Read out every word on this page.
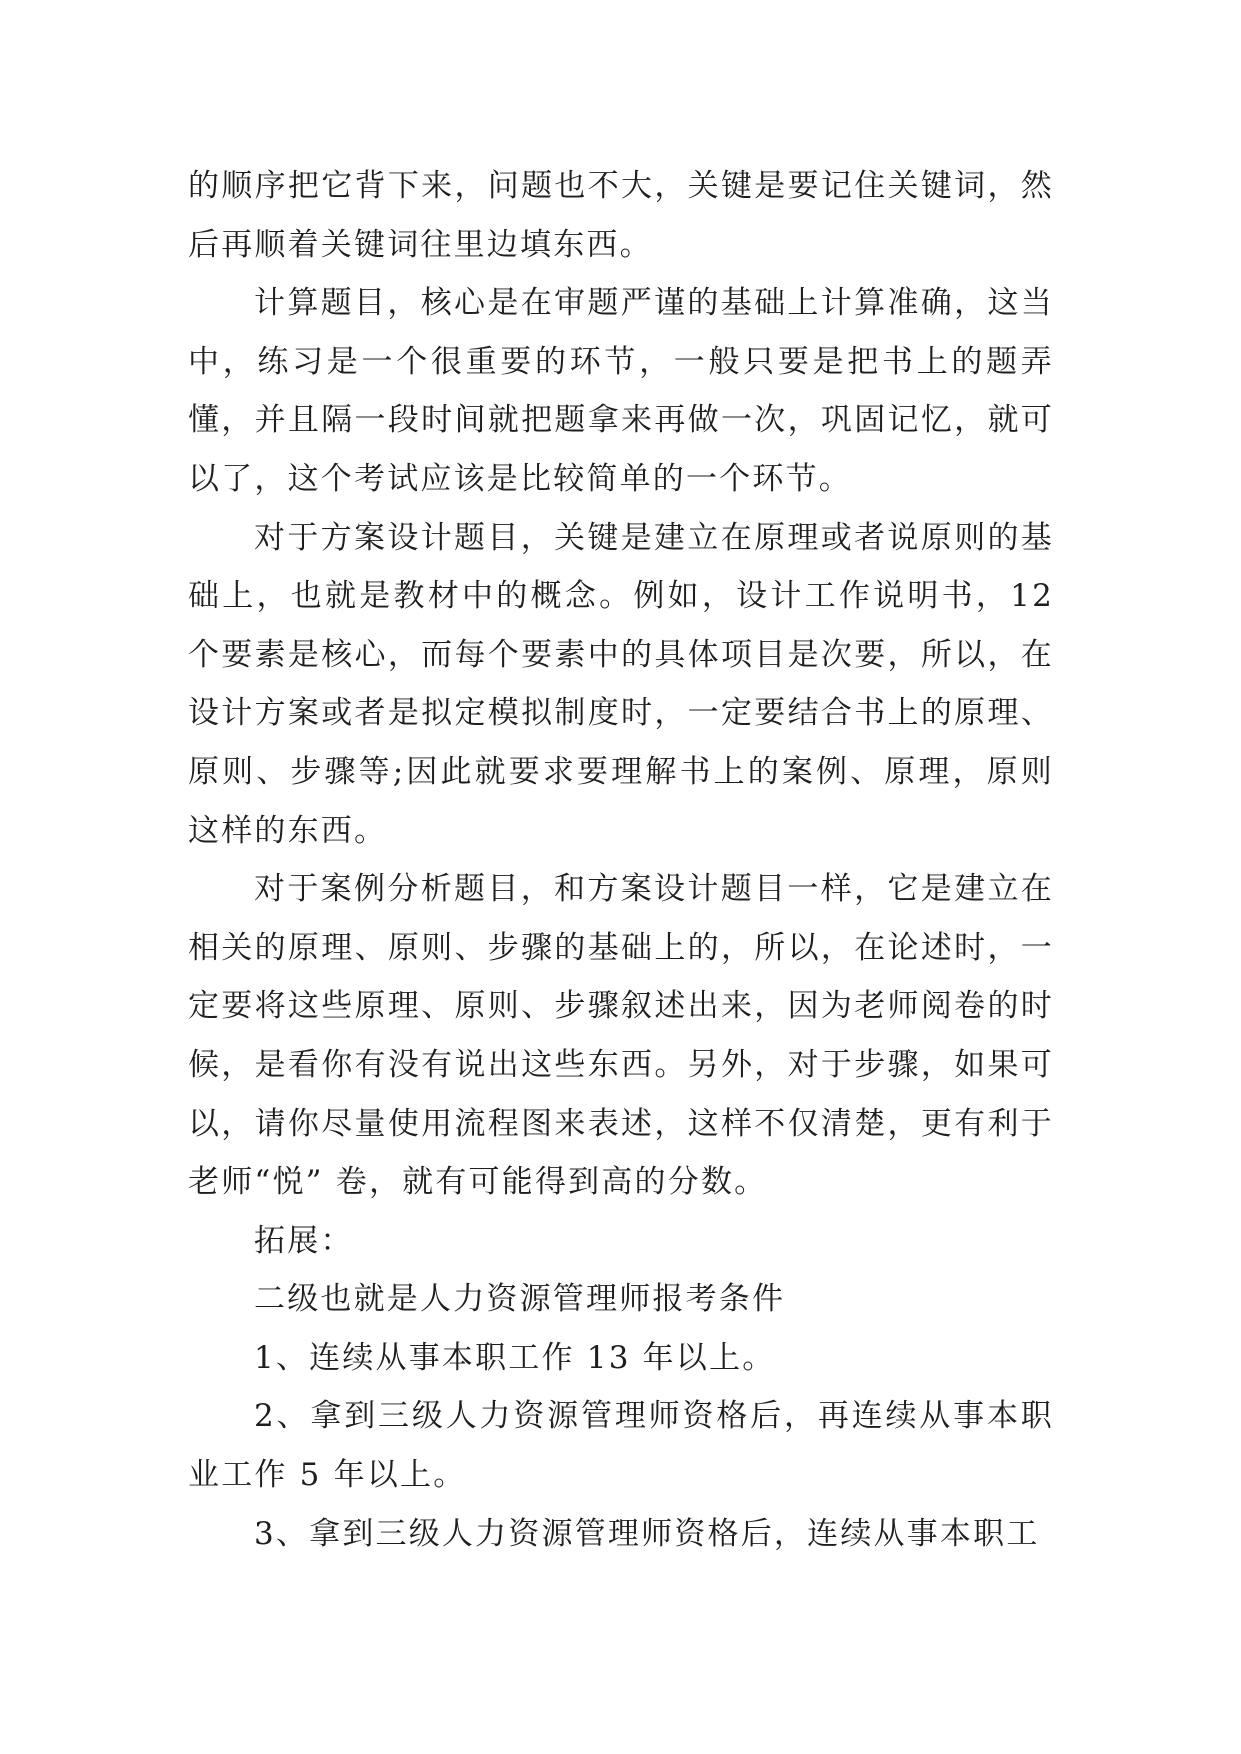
的顺序把它背下来，问题也不大，关键是要记住关键词，然后再顺着关键词往里边填东西。

计算题目，核心是在审题严谨的基础上计算准确，这当中，练习是一个很重要的环节，一般只要是把书上的题弄懂，并且隔一段时间就把题拿来再做一次，巩固记忆，就可以了，这个考试应该是比较简单的一个环节。

对于方案设计题目，关键是建立在原理或者说原则的基础上，也就是教材中的概念。例如，设计工作说明书，12个要素是核心，而每个要素中的具体项目是次要，所以，在设计方案或者是拟定模拟制度时，一定要结合书上的原理、原则、步骤等;因此就要求要理解书上的案例、原理，原则这样的东西。

对于案例分析题目，和方案设计题目一样，它是建立在相关的原理、原则、步骤的基础上的，所以，在论述时，一定要将这些原理、原则、步骤叙述出来，因为老师阅卷的时候，是看你有没有说出这些东西。另外，对于步骤，如果可以，请你尽量使用流程图来表述，这样不仅清楚，更有利于老师“悦” 卷，就有可能得到高的分数。

拓展：

二级也就是人力资源管理师报考条件

1、连续从事本职工作 13 年以上。

2、拿到三级人力资源管理师资格后，再连续从事本职业工作 5 年以上。

3、拿到三级人力资源管理师资格后，连续从事本职工
